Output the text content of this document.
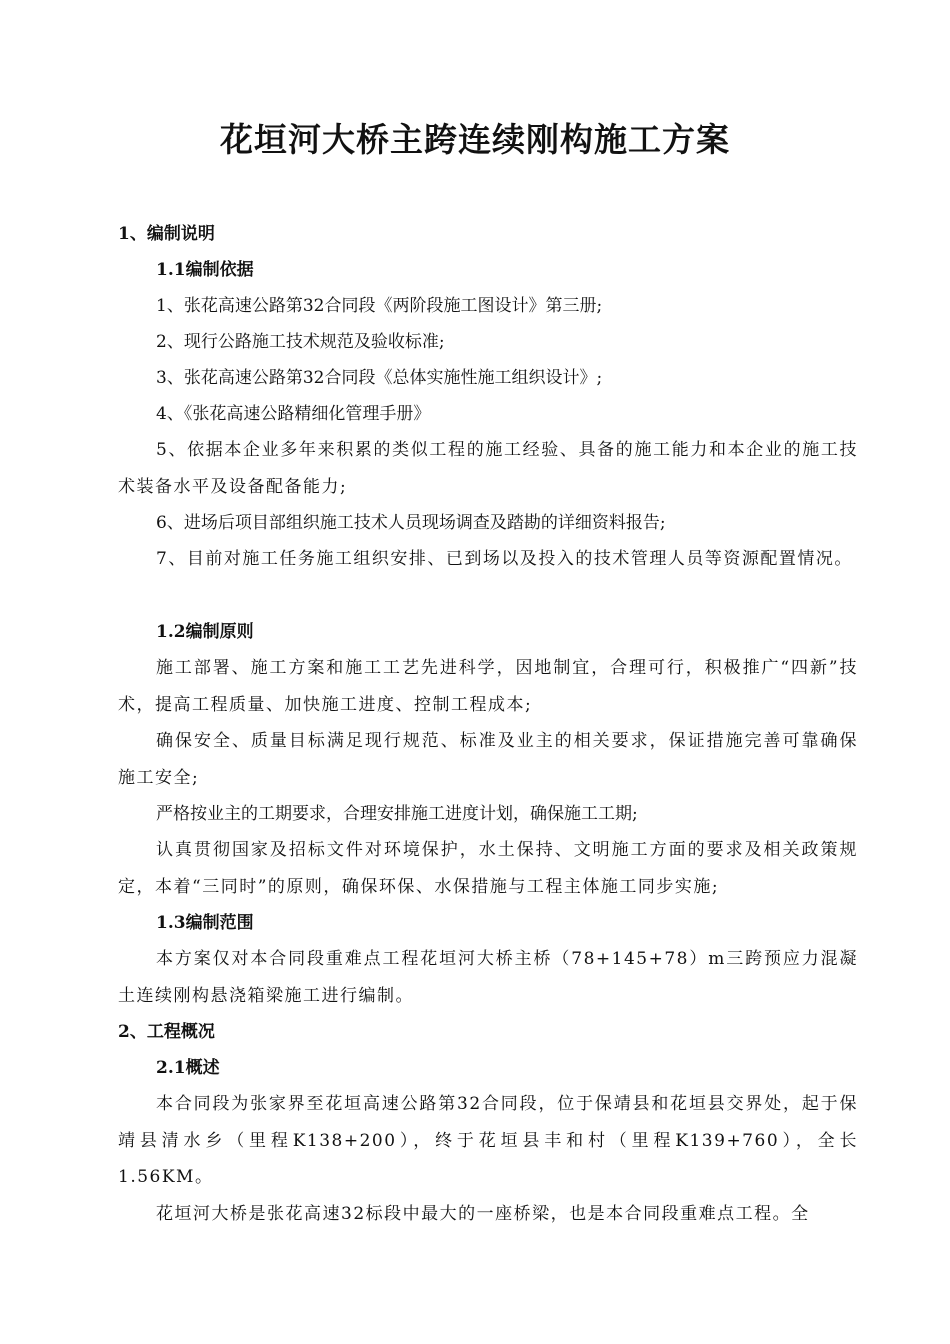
花垣河大桥主跨连续刚构施工方案

1、编制说明

1.1编制依据

1、张花高速公路第32合同段《两阶段施工图设计》第三册;

2、现行公路施工技术规范及验收标准;

3、张花高速公路第32合同段《总体实施性施工组织设计》;

4、《张花高速公路精细化管理手册》

5、依据本企业多年来积累的类似工程的施工经验、具备的施工能力和本企业的施工技术装备水平及设备配备能力;

6、进场后项目部组织施工技术人员现场调查及踏勘的详细资料报告;

7、目前对施工任务施工组织安排、已到场以及投入的技术管理人员等资源配置情况。

1.2编制原则

施工部署、施工方案和施工工艺先进科学，因地制宜，合理可行，积极推广“四新”技术，提高工程质量、加快施工进度、控制工程成本;

确保安全、质量目标满足现行规范、标准及业主的相关要求，保证措施完善可靠确保施工安全;

严格按业主的工期要求，合理安排施工进度计划，确保施工工期;

认真贯彻国家及招标文件对环境保护，水土保持、文明施工方面的要求及相关政策规定，本着“三同时”的原则，确保环保、水保措施与工程主体施工同步实施;

1.3编制范围

本方案仅对本合同段重难点工程花垣河大桥主桥（78+145+78）m三跨预应力混凝土连续刚构悬浇箱梁施工进行编制。

2、工程概况

2.1概述

本合同段为张家界至花垣高速公路第32合同段，位于保靖县和花垣县交界处，起于保靖县清水乡（里程K138+200），终于花垣县丰和村（里程K139+760），全长1.56KM。

花垣河大桥是张花高速32标段中最大的一座桥梁，也是本合同段重难点工程。全
